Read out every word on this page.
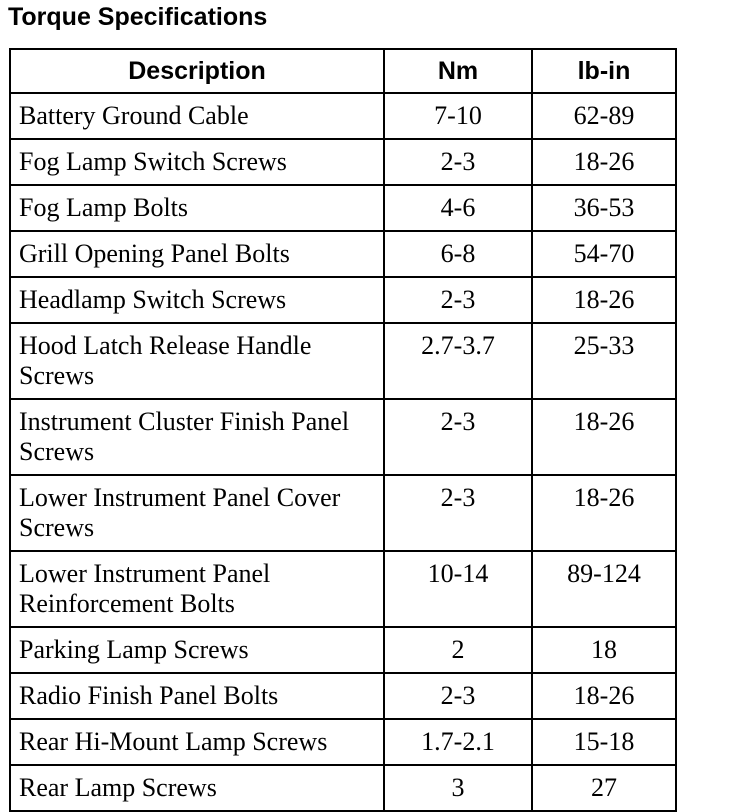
Torque Specifications
Description	Nm	lb-in
Battery Ground Cable	7-10	62-89
Fog Lamp Switch Screws	2-3	18-26
Fog Lamp Bolts	4-6	36-53
Grill Opening Panel Bolts	6-8	54-70
Headlamp Switch Screws	2-3	18-26
Hood Latch Release Handle Screws	2.7-3.7	25-33
Instrument Cluster Finish Panel Screws	2-3	18-26
Lower Instrument Panel Cover Screws	2-3	18-26
Lower Instrument Panel Reinforcement Bolts	10-14	89-124
Parking Lamp Screws	2	18
Radio Finish Panel Bolts	2-3	18-26
Rear Hi-Mount Lamp Screws	1.7-2.1	15-18
Rear Lamp Screws	3	27
